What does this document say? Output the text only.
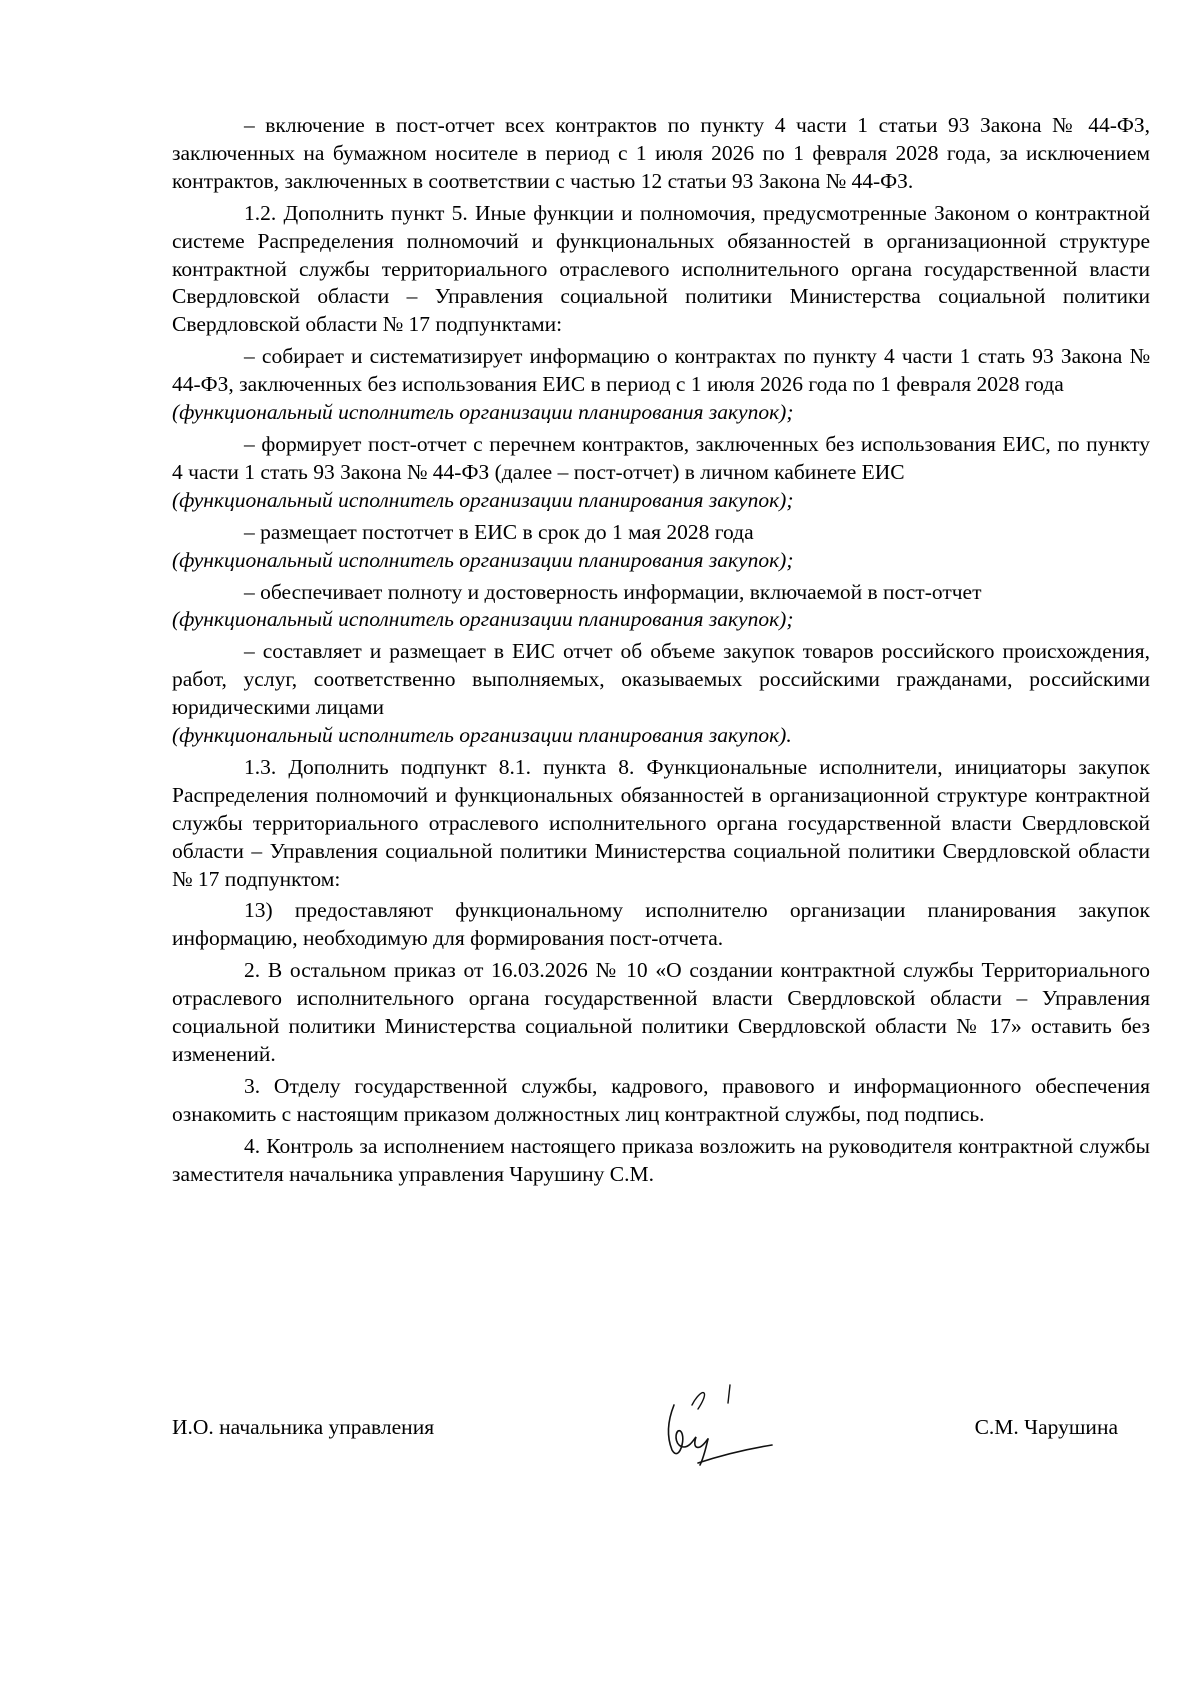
– включение в пост-отчет всех контрактов по пункту 4 части 1 статьи 93 Закона № 44-ФЗ, заключенных на бумажном носителе в период с 1 июля 2026 по 1 февраля 2028 года, за исключением контрактов, заключенных в соответствии с частью 12 статьи 93 Закона № 44-ФЗ.

1.2. Дополнить пункт 5. Иные функции и полномочия, предусмотренные Законом о контрактной системе Распределения полномочий и функциональных обязанностей в организационной структуре контрактной службы территориального отраслевого исполнительного органа государственной власти Свердловской области – Управления социальной политики Министерства социальной политики Свердловской области № 17 подпунктами:

– собирает и систематизирует информацию о контрактах по пункту 4 части 1 стать 93 Закона № 44-ФЗ, заключенных без использования ЕИС в период с 1 июля 2026 года по 1 февраля 2028 года

(функциональный исполнитель организации планирования закупок);

– формирует пост-отчет с перечнем контрактов, заключенных без использования ЕИС, по пункту 4 части 1 стать 93 Закона № 44-ФЗ (далее – пост-отчет) в личном кабинете ЕИС

(функциональный исполнитель организации планирования закупок);

– размещает постотчет в ЕИС в срок до 1 мая 2028 года

(функциональный исполнитель организации планирования закупок);

– обеспечивает полноту и достоверность информации, включаемой в пост-отчет

(функциональный исполнитель организации планирования закупок);

– составляет и размещает в ЕИС отчет об объеме закупок товаров российского происхождения, работ, услуг, соответственно выполняемых, оказываемых российскими гражданами, российскими юридическими лицами

(функциональный исполнитель организации планирования закупок).

1.3. Дополнить подпункт 8.1. пункта 8. Функциональные исполнители, инициаторы закупок Распределения полномочий и функциональных обязанностей в организационной структуре контрактной службы территориального отраслевого исполнительного органа государственной власти Свердловской области – Управления социальной политики Министерства социальной политики Свердловской области № 17 подпунктом:

13) предоставляют функциональному исполнителю организации планирования закупок информацию, необходимую для формирования пост-отчета.

2. В остальном приказ от 16.03.2026 № 10 «О создании контрактной службы Территориального отраслевого исполнительного органа государственной власти Свердловской области – Управления социальной политики Министерства социальной политики Свердловской области № 17» оставить без изменений.

3. Отделу государственной службы, кадрового, правового и информационного обеспечения ознакомить с настоящим приказом должностных лиц контрактной службы, под подпись.

4. Контроль за исполнением настоящего приказа возложить на руководителя контрактной службы заместителя начальника управления Чарушину С.М.

И.О. начальника управления	С.М. Чарушина
